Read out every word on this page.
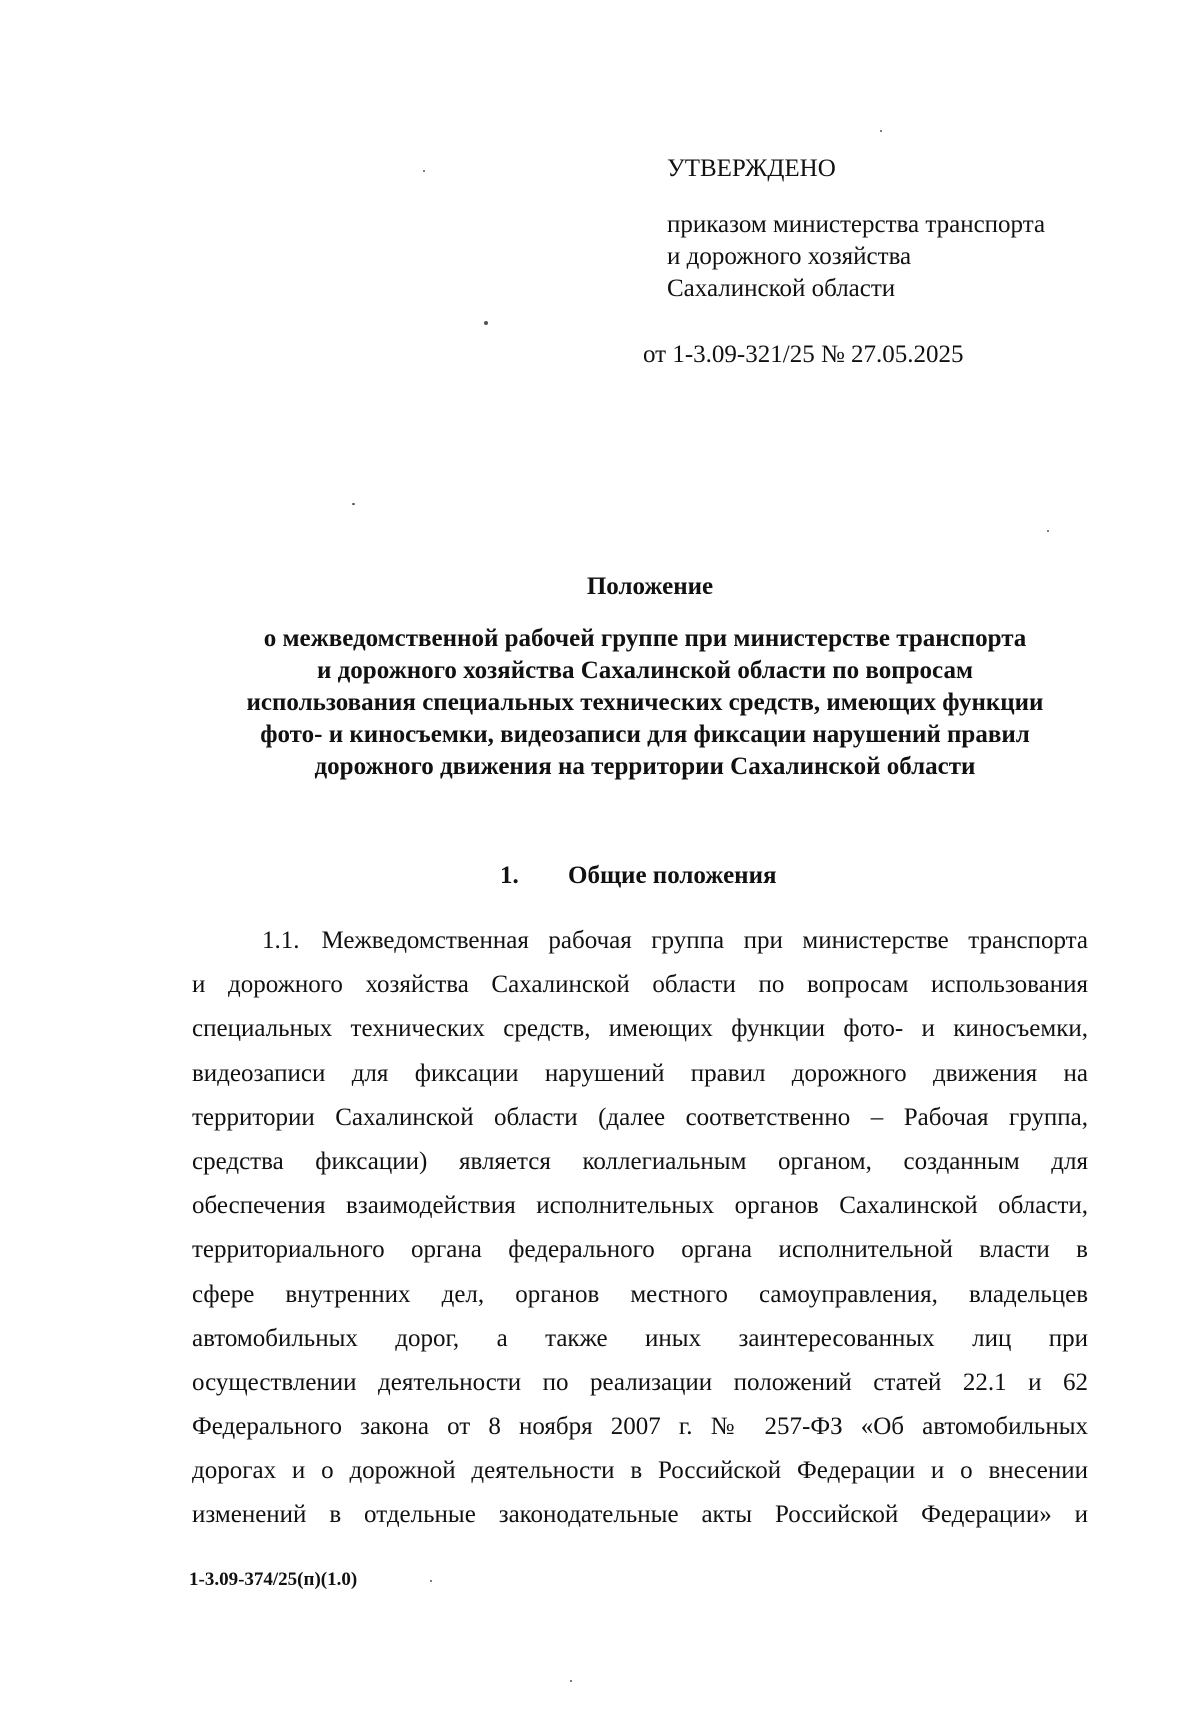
УТВЕРЖДЕНО

приказом министерства транспорта
и дорожного хозяйства
Сахалинской области

от 1-3.09-321/25 № 27.05.2025
Положение
о межведомственной рабочей группе при министерстве транспорта
и дорожного хозяйства Сахалинской области по вопросам
использования специальных технических средств, имеющих функции
фото- и киносъемки, видеозаписи для фиксации нарушений правил
дорожного движения на территории Сахалинской области
1. Общие положения
1.1. Межведомственная рабочая группа при министерстве транспорта
и дорожного хозяйства Сахалинской области по вопросам использования
специальных технических средств, имеющих функции фото- и киносъемки,
видеозаписи для фиксации нарушений правил дорожного движения на
территории Сахалинской области (далее соответственно – Рабочая группа,
средства фиксации) является коллегиальным органом, созданным для
обеспечения взаимодействия исполнительных органов Сахалинской области,
территориального органа федерального органа исполнительной власти в
сфере внутренних дел, органов местного самоуправления, владельцев
автомобильных дорог, а также иных заинтересованных лиц при
осуществлении деятельности по реализации положений статей 22.1 и 62
Федерального закона от 8 ноября 2007 г. № 257-ФЗ «Об автомобильных
дорогах и о дорожной деятельности в Российской Федерации и о внесении
изменений в отдельные законодательные акты Российской Федерации» и
1-3.09-374/25(п)(1.0)
